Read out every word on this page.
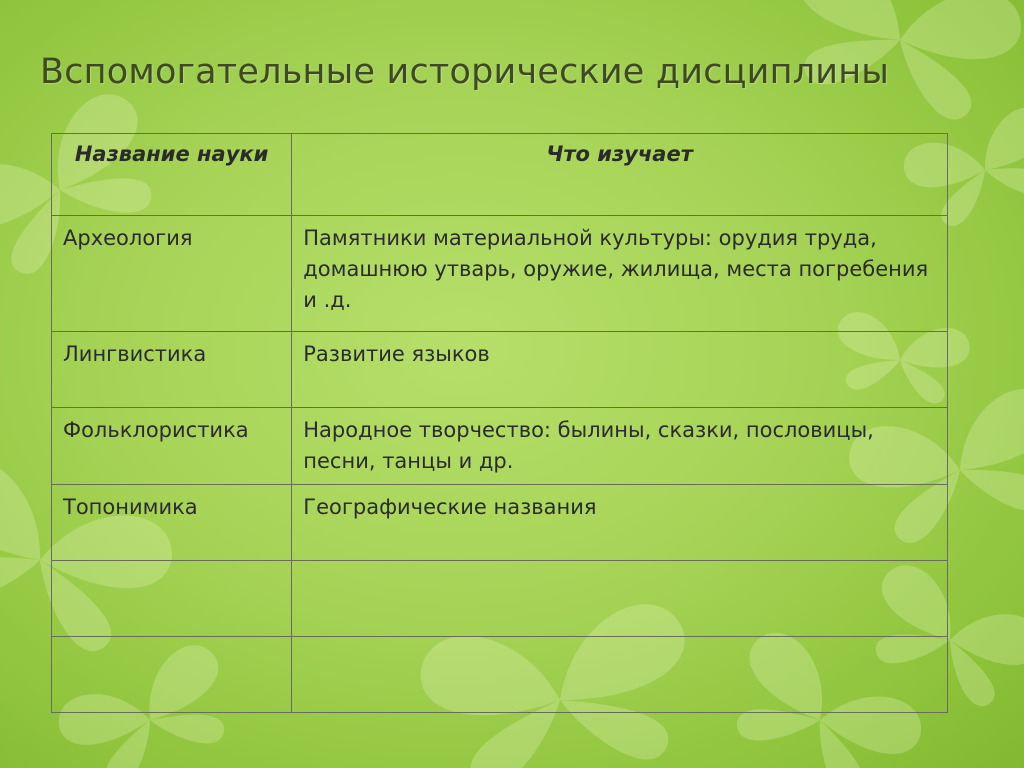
Вспомогательные исторические дисциплины
Название науки	Что изучает
Археология	Памятники материальной культуры: орудия труда, домашнюю утварь, оружие, жилища, места погребения и .д.
Лингвистика	Развитие языков
Фольклористика	Народное творчество: былины, сказки, пословицы, песни, танцы и др.
Топонимика	Географические названия
